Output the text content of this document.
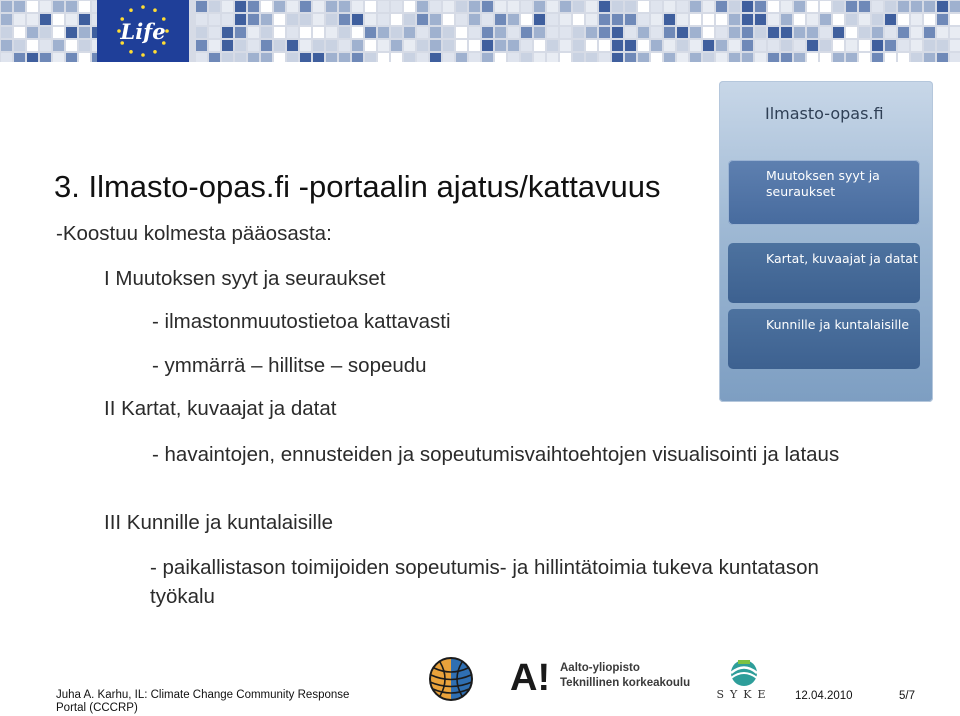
Life
3. Ilmasto-opas.fi -portaalin ajatus/kattavuus
-Koostuu kolmesta pääosasta:
I Muutoksen syyt ja seuraukset
- ilmastonmuutostietoa kattavasti
- ymmärrä – hillitse – sopeudu
II Kartat, kuvaajat ja datat
- havaintojen, ennusteiden ja sopeutumisvaihtoehtojen visualisointi ja lataus
III Kunnille ja kuntalaisille
- paikallistason toimijoiden sopeutumis- ja hillintätoimia tukeva kuntatason työkalu
Ilmasto-opas.fi
Muutoksen syyt ja seuraukset
Kartat, kuvaajat ja datat
Kunnille ja kuntalaisille
Juha A. Karhu, IL: Climate Change Community Response Portal (CCCRP)
A! Aalto-yliopisto
Teknillinen korkeakoulu
SYKE 12.04.2010	5/7
